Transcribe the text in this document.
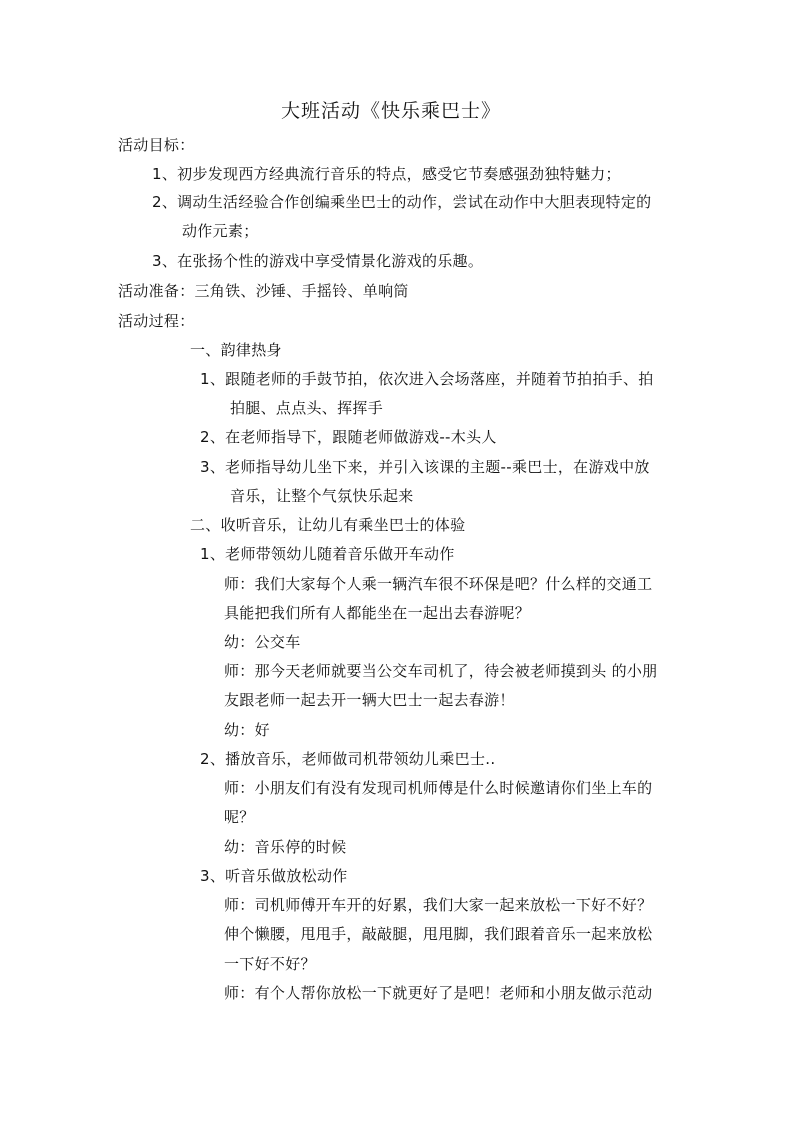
大班活动《快乐乘巴士》
活动目标：
1、初步发现西方经典流行音乐的特点，感受它节奏感强劲独特魅力；
2、调动生活经验合作创编乘坐巴士的动作，尝试在动作中大胆表现特定的
动作元素；
3、在张扬个性的游戏中享受情景化游戏的乐趣。
活动准备：三角铁、沙锤、手摇铃、单响筒
活动过程：
一、韵律热身
1、跟随老师的手鼓节拍，依次进入会场落座，并随着节拍拍手、拍
拍腿、点点头、挥挥手
2、在老师指导下，跟随老师做游戏--木头人
3、老师指导幼儿坐下来，并引入该课的主题--乘巴士，在游戏中放
音乐，让整个气氛快乐起来
二、收听音乐，让幼儿有乘坐巴士的体验
1、老师带领幼儿随着音乐做开车动作
师：我们大家每个人乘一辆汽车很不环保是吧？什么样的交通工
具能把我们所有人都能坐在一起出去春游呢？
幼：公交车
师：那今天老师就要当公交车司机了，待会被老师摸到头 的小朋
友跟老师一起去开一辆大巴士一起去春游！
幼：好
2、播放音乐，老师做司机带领幼儿乘巴士..
师：小朋友们有没有发现司机师傅是什么时候邀请你们坐上车的
呢？
幼：音乐停的时候
3、听音乐做放松动作
师：司机师傅开车开的好累，我们大家一起来放松一下好不好？
伸个懒腰，甩甩手，敲敲腿，甩甩脚，我们跟着音乐一起来放松
一下好不好？
师：有个人帮你放松一下就更好了是吧！老师和小朋友做示范动
